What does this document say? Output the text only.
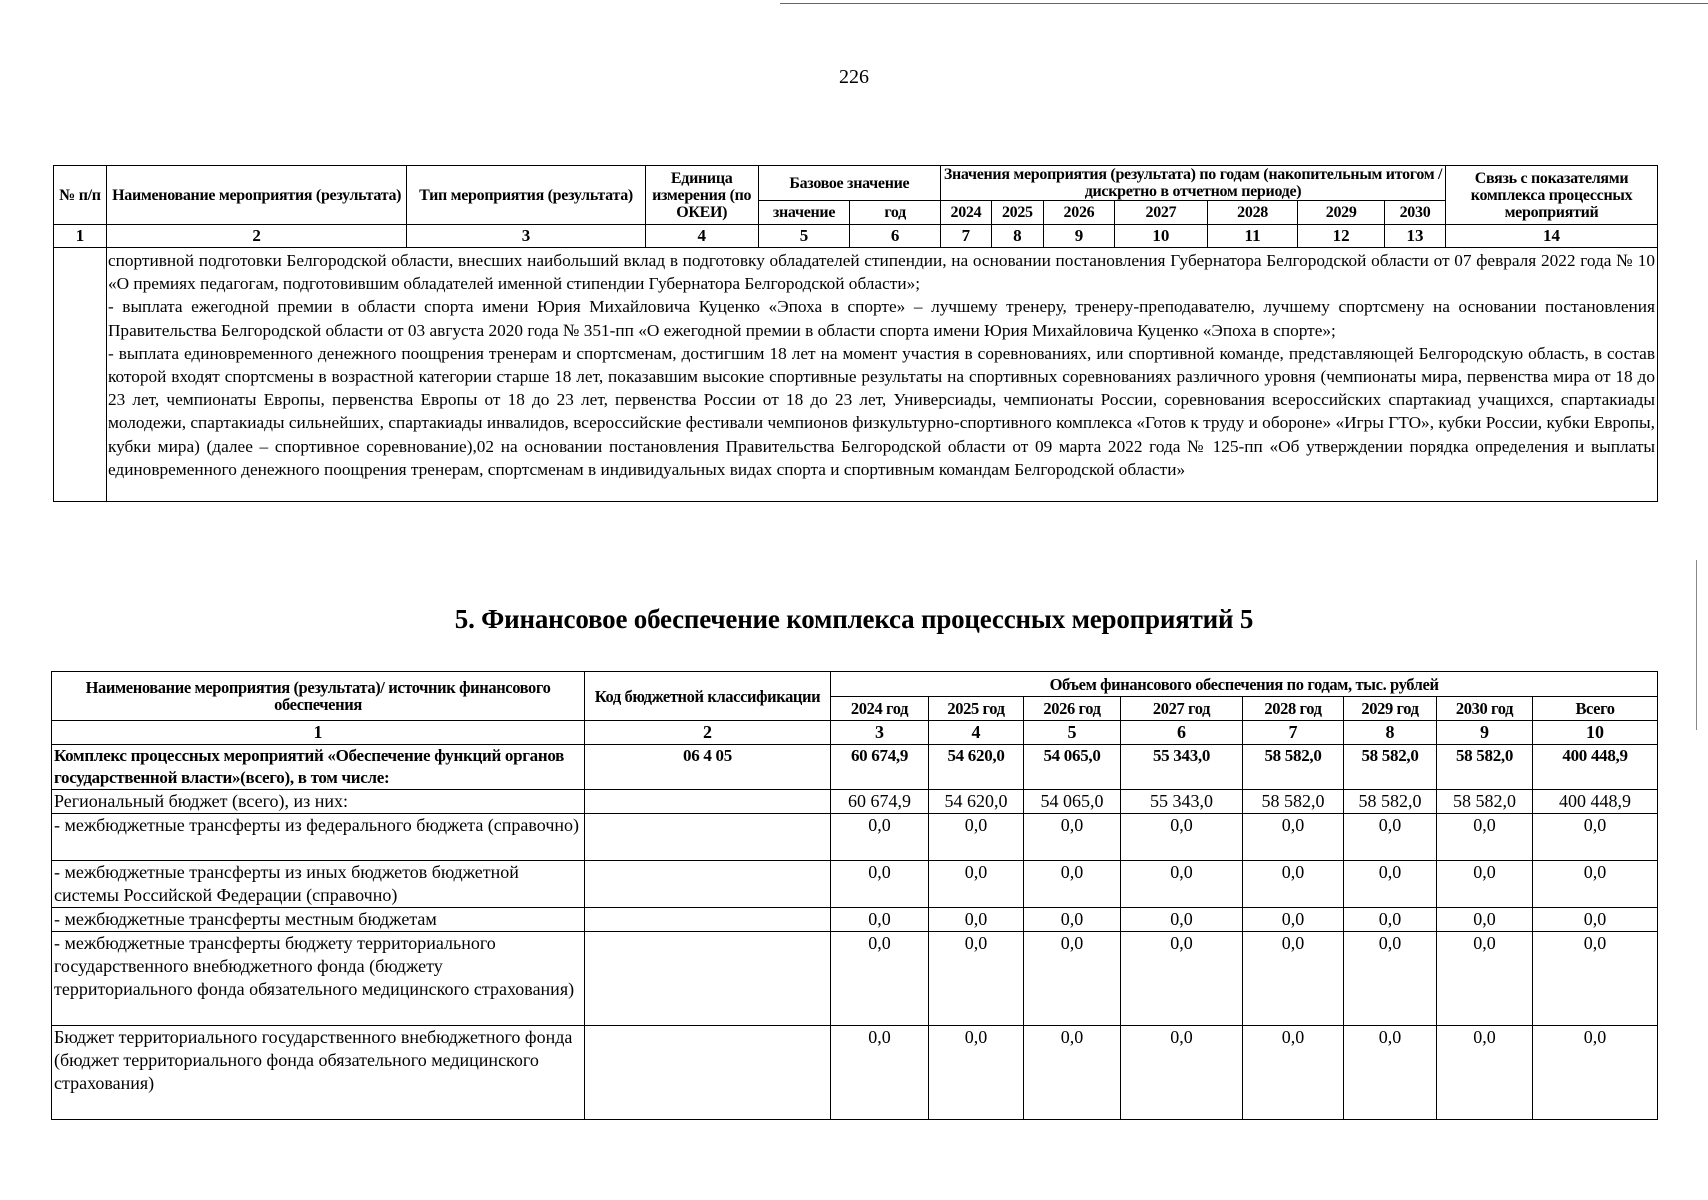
226
№ п/п	Наименование мероприятия (результата)	Тип мероприятия (результата)	Единица измерения (по ОКЕИ)	Базовое значение		Значения мероприятия (результата) по годам (накопительным итогом / дискретно в отчетном периоде)							Связь с показателями комплекса процессных мероприятий
				значение	год	2024	2025	2026	2027	2028	2029	2030	
1	2	3	4	5	6	7	8	9	10	11	12	13	14

	спортивной подготовки Белгородской области, внесших наибольший вклад в подготовку обладателей стипендии, на основании постановления Губернатора Белгородской области от 07 февраля 2022 года № 10 «О премиях педагогам, подготовившим обладателей именной стипендии Губернатора Белгородской области»;

- выплата ежегодной премии в области спорта имени Юрия Михайловича Куценко «Эпоха в спорте» – лучшему тренеру, тренеру-преподавателю, лучшему спортсмену на основании постановления Правительства Белгородской области от 03 августа 2020 года № 351-пп «О ежегодной премии в области спорта имени Юрия Михайловича Куценко «Эпоха в спорте»;

- выплата единовременного денежного поощрения тренерам и спортсменам, достигшим 18 лет на момент участия в соревнованиях, или спортивной команде, представляющей Белгородскую область, в состав которой входят спортсмены в возрастной категории старше 18 лет, показавшим высокие спортивные результаты на спортивных соревнованиях различного уровня (чемпионаты мира, первенства мира от 18 до 23 лет, чемпионаты Европы, первенства Европы от 18 до 23 лет, первенства России от 18 до 23 лет, Универсиады, чемпионаты России, соревнования всероссийских спартакиад учащихся, спартакиады молодежи, спартакиады сильнейших, спартакиады инвалидов, всероссийские фестивали чемпионов физкультурно-спортивного комплекса «Готов к труду и обороне» «Игры ГТО», кубки России, кубки Европы, кубки мира) (далее – спортивное соревнование),02 на основании постановления Правительства Белгородской области от 09 марта 2022 года № 125-пп «Об утверждении порядка определения и выплаты единовременного денежного поощрения тренерам, спортсменам в индивидуальных видах спорта и спортивным командам Белгородской области»												

5. Финансовое обеспечение комплекса процессных мероприятий 5
Наименование мероприятия (результата)/ источник финансового обеспечения	Код бюджетной классификации	Объем финансового обеспечения по годам, тыс. рублей							
		2024 год	2025 год	2026 год	2027 год	2028 год	2029 год	2030 год	Всего
1	2	3	4	5	6	7	8	9	10
Комплекс процессных мероприятий «Обеспечение функций органов государственной власти»(всего), в том числе:	06 4 05	60 674,9	54 620,0	54 065,0	55 343,0	58 582,0	58 582,0	58 582,0	400 448,9
Региональный бюджет (всего), из них:		60 674,9	54 620,0	54 065,0	55 343,0	58 582,0	58 582,0	58 582,0	400 448,9
- межбюджетные трансферты из федерального бюджета (справочно)		0,0	0,0	0,0	0,0	0,0	0,0	0,0	0,0
- межбюджетные трансферты из иных бюджетов бюджетной системы Российской Федерации (справочно)		0,0	0,0	0,0	0,0	0,0	0,0	0,0	0,0
- межбюджетные трансферты местным бюджетам		0,0	0,0	0,0	0,0	0,0	0,0	0,0	0,0
- межбюджетные трансферты бюджету территориального государственного внебюджетного фонда (бюджету территориального фонда обязательного медицинского страхования)		0,0	0,0	0,0	0,0	0,0	0,0	0,0	0,0
Бюджет территориального государственного внебюджетного фонда (бюджет территориального фонда обязательного медицинского страхования)		0,0	0,0	0,0	0,0	0,0	0,0	0,0	0,0
